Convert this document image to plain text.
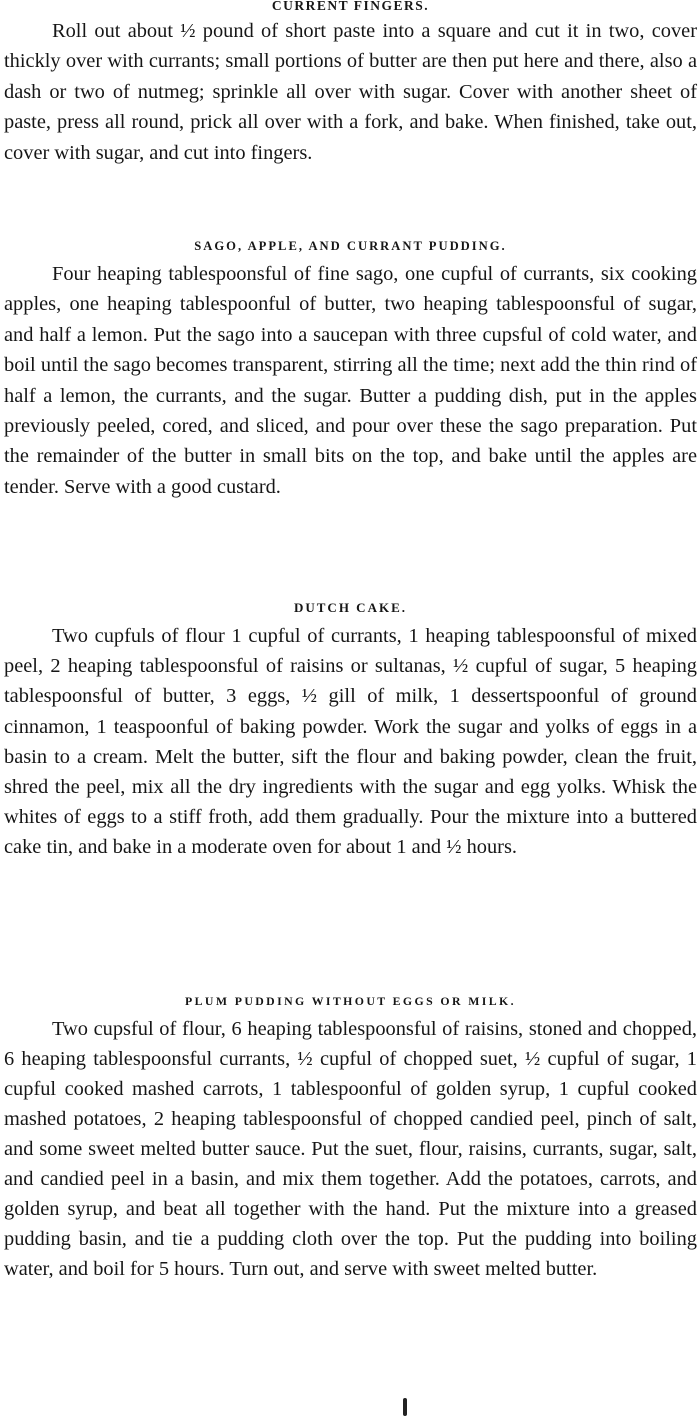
CURRENT FINGERS.

Roll out about ½ pound of short paste into a square and cut it in two, cover thickly over with currants; small portions of butter are then put here and there, also a dash or two of nutmeg; sprinkle all over with sugar. Cover with another sheet of paste, press all round, prick all over with a fork, and bake. When finished, take out, cover with sugar, and cut into fingers.

SAGO, APPLE, AND CURRANT PUDDING.

Four heaping tablespoonsful of fine sago, one cupful of currants, six cooking apples, one heaping tablespoonful of butter, two heaping tablespoonsful of sugar, and half a lemon. Put the sago into a saucepan with three cupsful of cold water, and boil until the sago becomes transparent, stirring all the time; next add the thin rind of half a lemon, the currants, and the sugar. Butter a pudding dish, put in the apples previously peeled, cored, and sliced, and pour over these the sago preparation. Put the remainder of the butter in small bits on the top, and bake until the apples are tender. Serve with a good custard.

DUTCH CAKE.

Two cupfuls of flour 1 cupful of currants, 1 heaping tablespoonsful of mixed peel, 2 heaping tablespoonsful of raisins or sultanas, ½ cupful of sugar, 5 heaping tablespoonsful of butter, 3 eggs, ½ gill of milk, 1 dessertspoonful of ground cinnamon, 1 teaspoonful of baking powder. Work the sugar and yolks of eggs in a basin to a cream. Melt the butter, sift the flour and baking powder, clean the fruit, shred the peel, mix all the dry ingredients with the sugar and egg yolks. Whisk the whites of eggs to a stiff froth, add them gradually. Pour the mixture into a buttered cake tin, and bake in a moderate oven for about 1 and ½ hours.

PLUM PUDDING WITHOUT EGGS OR MILK.

Two cupsful of flour, 6 heaping tablespoonsful of raisins, stoned and chopped, 6 heaping tablespoonsful currants, ½ cupful of chopped suet, ½ cupful of sugar, 1 cupful cooked mashed carrots, 1 tablespoonful of golden syrup, 1 cupful cooked mashed potatoes, 2 heaping tablespoonsful of chopped candied peel, pinch of salt, and some sweet melted butter sauce. Put the suet, flour, raisins, currants, sugar, salt, and candied peel in a basin, and mix them together. Add the potatoes, carrots, and golden syrup, and beat all together with the hand. Put the mixture into a greased pudding basin, and tie a pudding cloth over the top. Put the pudding into boiling water, and boil for 5 hours. Turn out, and serve with sweet melted butter.
